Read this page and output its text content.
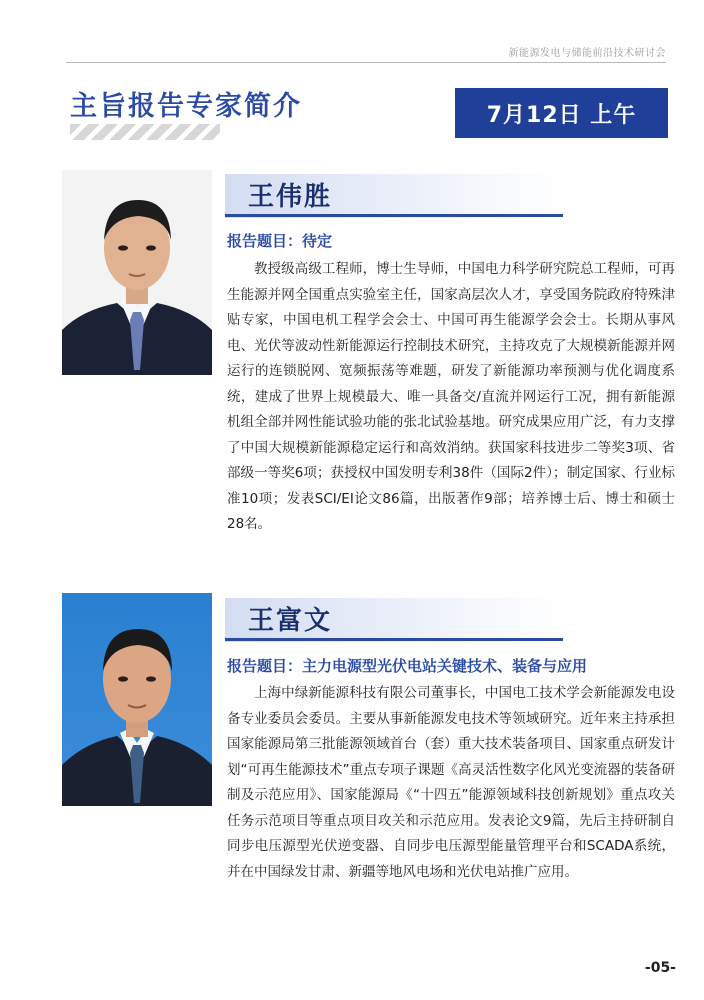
新能源发电与储能前沿技术研讨会
主旨报告专家简介	7月12日 上午
王伟胜
报告题目：待定

教授级高级工程师，博士生导师，中国电力科学研究院总工程师，可再生能源并网全国重点实验室主任，国家高层次人才，享受国务院政府特殊津贴专家，中国电机工程学会会士、中国可再生能源学会会士。长期从事风电、光伏等波动性新能源运行控制技术研究，主持攻克了大规模新能源并网运行的连锁脱网、宽频振荡等难题，研发了新能源功率预测与优化调度系统，建成了世界上规模最大、唯一具备交/直流并网运行工况，拥有新能源机组全部并网性能试验功能的张北试验基地。研究成果应用广泛，有力支撑了中国大规模新能源稳定运行和高效消纳。获国家科技进步二等奖3项、省部级一等奖6项；获授权中国发明专利38件（国际2件）；制定国家、行业标准10项；发表SCI/EI论文86篇，出版著作9部；培养博士后、博士和硕士28名。

王富文
报告题目：主力电源型光伏电站关键技术、装备与应用

上海中绿新能源科技有限公司董事长，中国电工技术学会新能源发电设备专业委员会委员。主要从事新能源发电技术等领域研究。近年来主持承担国家能源局第三批能源领域首台（套）重大技术装备项目、国家重点研发计划“可再生能源技术”重点专项子课题《高灵活性数字化风光变流器的装备研制及示范应用》、国家能源局《“十四五”能源领域科技创新规划》重点攻关任务示范项目等重点项目攻关和示范应用。发表论文9篇，先后主持研制自同步电压源型光伏逆变器、自同步电压源型能量管理平台和SCADA系统，并在中国绿发甘肃、新疆等地风电场和光伏电站推广应用。

-05-
